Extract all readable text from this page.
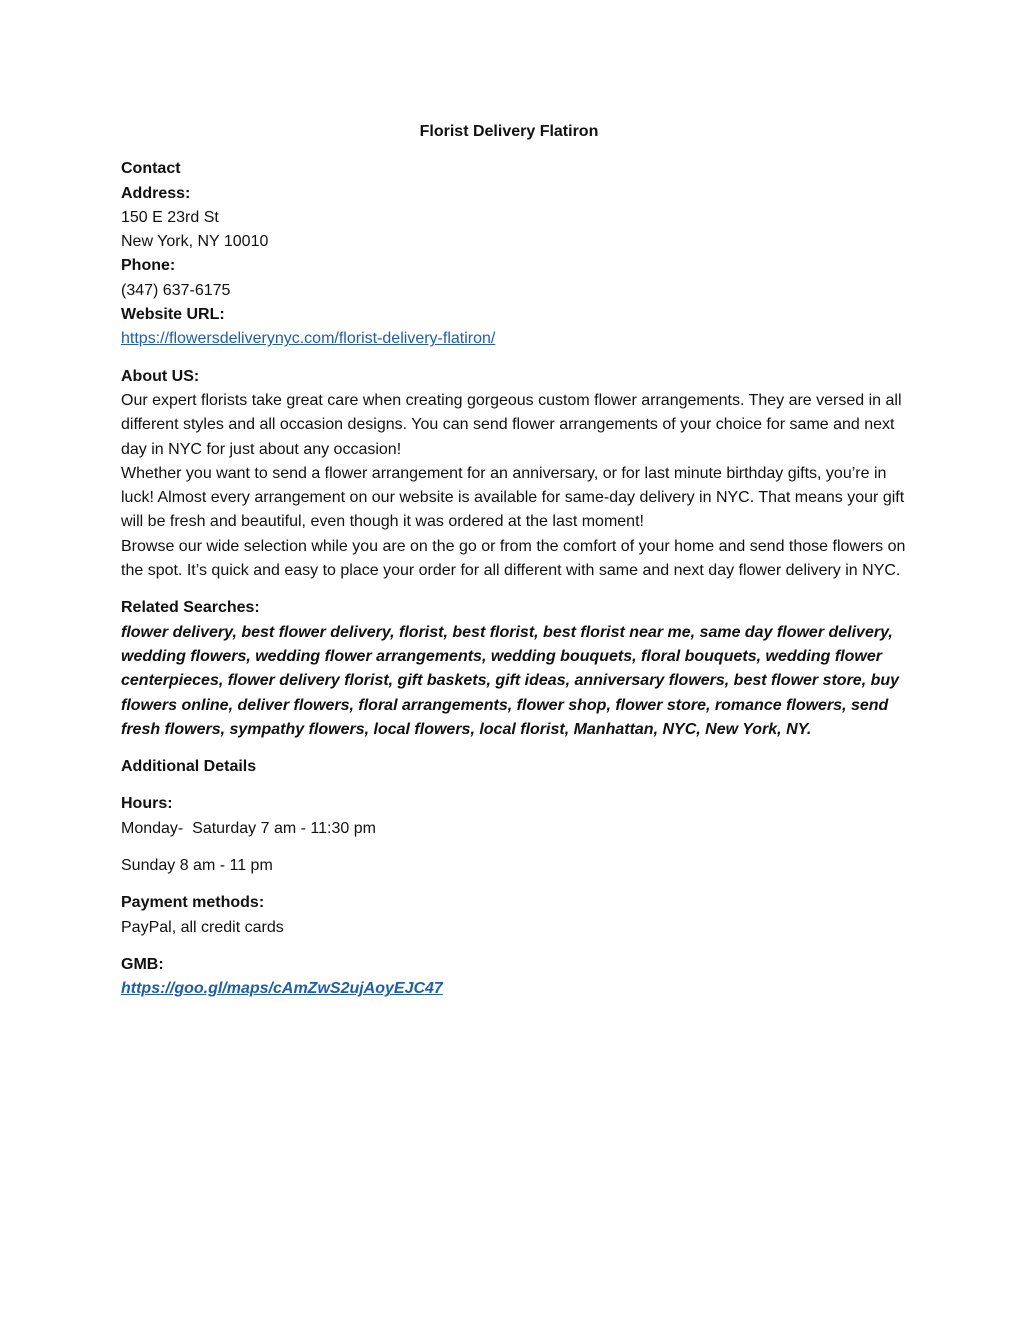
Florist Delivery Flatiron
Contact
Address:
150 E 23rd St
New York, NY 10010
Phone:
(347) 637-6175
Website URL:
https://flowersdeliverynyc.com/florist-delivery-flatiron/
About US:

Our expert florists take great care when creating gorgeous custom flower arrangements. They are versed in all different styles and all occasion designs. You can send flower arrangements of your choice for same and next day in NYC for just about any occasion!

Whether you want to send a flower arrangement for an anniversary, or for last minute birthday gifts, you’re in luck! Almost every arrangement on our website is available for same-day delivery in NYC. That means your gift will be fresh and beautiful, even though it was ordered at the last moment!

Browse our wide selection while you are on the go or from the comfort of your home and send those flowers on the spot. It’s quick and easy to place your order for all different with same and next day flower delivery in NYC.

Related Searches:

flower delivery, best flower delivery, florist, best florist, best florist near me, same day flower delivery, wedding flowers, wedding flower arrangements, wedding bouquets, floral bouquets, wedding flower centerpieces, flower delivery florist, gift baskets, gift ideas, anniversary flowers, best flower store, buy flowers online, deliver flowers, floral arrangements, flower shop, flower store, romance flowers, send fresh flowers, sympathy flowers, local flowers, local florist, Manhattan, NYC, New York, NY.

Additional Details
Hours:
Monday-  Saturday 7 am - 11:30 pm
Sunday 8 am - 11 pm
Payment methods:
PayPal, all credit cards
GMB:
https://goo.gl/maps/cAmZwS2ujAoyEJC47
